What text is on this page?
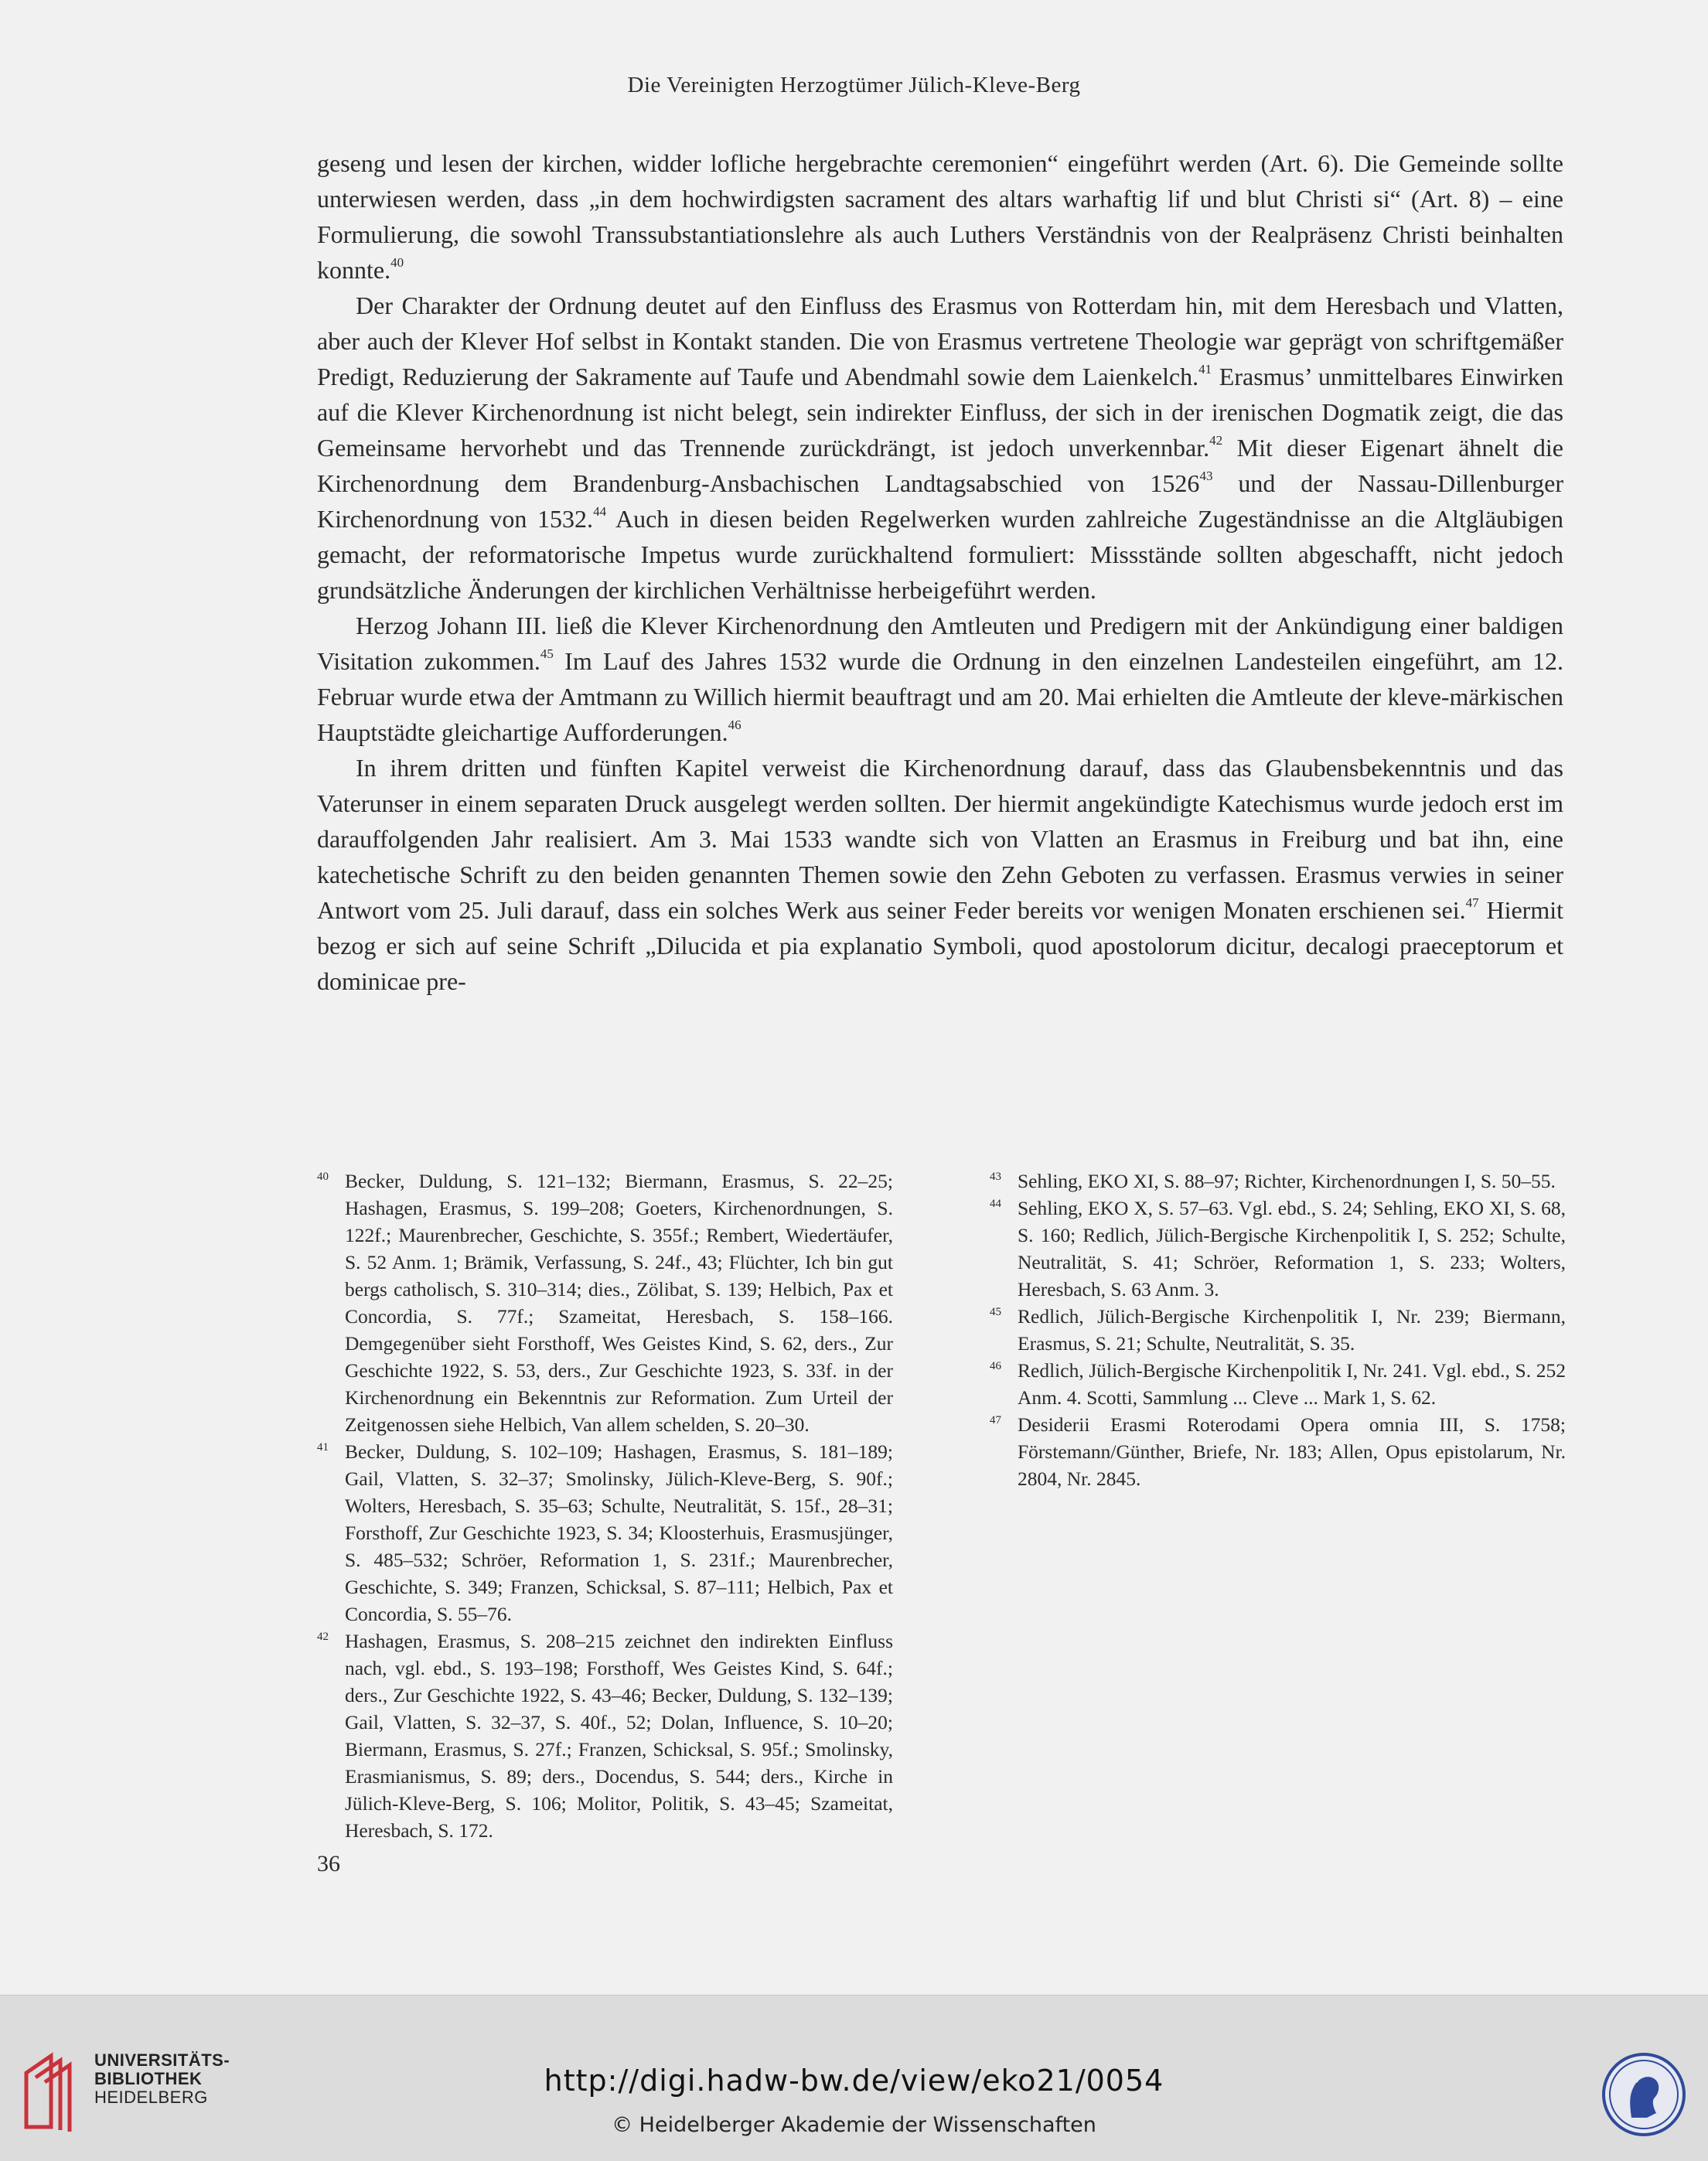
Die Vereinigten Herzogtümer Jülich-Kleve-Berg

geseng und lesen der kirchen, widder lofliche hergebrachte ceremonien“ eingeführt werden (Art. 6). Die Gemeinde sollte unterwiesen werden, dass „in dem hochwirdigsten sacrament des altars warhaftig lif und blut Christi si“ (Art. 8) – eine Formulierung, die sowohl Transsubstantiationslehre als auch Luthers Verständnis von der Realpräsenz Christi beinhalten konnte.$^{40}$

Der Charakter der Ordnung deutet auf den Einfluss des Erasmus von Rotterdam hin, mit dem Heresbach und Vlatten, aber auch der Klever Hof selbst in Kontakt standen. Die von Erasmus vertretene Theologie war geprägt von schriftgemäßer Predigt, Reduzierung der Sakramente auf Taufe und Abendmahl sowie dem Laienkelch.$^{41}$ Erasmus’ unmittelbares Einwirken auf die Klever Kirchenordnung ist nicht belegt, sein indirekter Einfluss, der sich in der irenischen Dogmatik zeigt, die das Gemeinsame hervorhebt und das Trennende zurückdrängt, ist jedoch unverkennbar.$^{42}$ Mit dieser Eigenart ähnelt die Kirchenordnung dem Brandenburg-Ansbachischen Landtagsabschied von 1526$^{43}$ und der Nassau-Dillenburger Kirchenordnung von 1532.44 Auch in diesen beiden Regelwerken wurden zahlreiche Zugeständnisse an die Altgläubigen gemacht, der reformatorische Impetus wurde zurückhaltend formuliert: Missstände sollten abgeschafft, nicht jedoch grundsätzliche Änderungen der kirchlichen Verhältnisse herbeigeführt werden.

Herzog Johann III. ließ die Klever Kirchenordnung den Amtleuten und Predigern mit der Ankündigung einer baldigen Visitation zukommen.$^{45}$ Im Lauf des Jahres 1532 wurde die Ordnung in den einzelnen Landesteilen eingeführt, am 12. Februar wurde etwa der Amtmann zu Willich hiermit beauftragt und am 20. Mai erhielten die Amtleute der kleve-märkischen Hauptstädte gleichartige Aufforderungen.$^{46}$

In ihrem dritten und fünften Kapitel verweist die Kirchenordnung darauf, dass das Glaubensbekenntnis und das Vaterunser in einem separaten Druck ausgelegt werden sollten. Der hiermit angekündigte Katechismus wurde jedoch erst im darauffolgenden Jahr realisiert. Am 3. Mai 1533 wandte sich von Vlatten an Erasmus in Freiburg und bat ihn, eine katechetische Schrift zu den beiden genannten Themen sowie den Zehn Geboten zu verfassen. Erasmus verwies in seiner Antwort vom 25. Juli darauf, dass ein solches Werk aus seiner Feder bereits vor wenigen Monaten erschienen sei.$^{47}$ Hiermit bezog er sich auf seine Schrift „Dilucida et pia explanatio Symboli, quod apostolorum dicitur, decalogi praeceptorum et dominicae pre-

40 Becker, Duldung, S. 121–132; Biermann, Erasmus, S. 22–25; Hashagen, Erasmus, S. 199–208; Goeters, Kirchenordnungen, S. 122f.; Maurenbrecher, Geschichte, S. 355f.; Rembert, Wiedertäufer, S. 52 Anm. 1; Brämik, Verfassung, S. 24f., 43; Flüchter, Ich bin gut bergs catholisch, S. 310–314; dies., Zölibat, S. 139; Helbich, Pax et Concordia, S. 77f.; Szameitat, Heresbach, S. 158–166. Demgegenüber sieht Forsthoff, Wes Geistes Kind, S. 62, ders., Zur Geschichte 1922, S. 53, ders., Zur Geschichte 1923, S. 33f. in der Kirchenordnung ein Bekenntnis zur Reformation. Zum Urteil der Zeitgenossen siehe Helbich, Van allem schelden, S. 20–30.

41 Becker, Duldung, S. 102–109; Hashagen, Erasmus, S. 181–189; Gail, Vlatten, S. 32–37; Smolinsky, Jülich-Kleve-Berg, S. 90f.; Wolters, Heresbach, S. 35–63; Schulte, Neutralität, S. 15f., 28–31; Forsthoff, Zur Geschichte 1923, S. 34; Kloosterhuis, Erasmusjünger, S. 485–532; Schröer, Reformation 1, S. 231f.; Maurenbrecher, Geschichte, S. 349; Franzen, Schicksal, S. 87–111; Helbich, Pax et Concordia, S. 55–76.

42 Hashagen, Erasmus, S. 208–215 zeichnet den indirekten Einfluss nach, vgl. ebd., S. 193–198; Forsthoff, Wes Geistes Kind, S. 64f.; ders., Zur Geschichte 1922, S. 43–46; Becker, Duldung, S. 132–139; Gail, Vlatten, S. 32–37, S. 40f., 52; Dolan, Influence, S. 10–20; Biermann, Erasmus, S. 27f.; Franzen, Schicksal, S. 95f.; Smolinsky, Erasmianismus, S. 89; ders., Docendus, S. 544; ders., Kirche in Jülich-Kleve-Berg, S. 106; Molitor, Politik, S. 43–45; Szameitat, Heresbach, S. 172.

43 Sehling, EKO XI, S. 88–97; Richter, Kirchenordnungen I, S. 50–55.

44 Sehling, EKO X, S. 57–63. Vgl. ebd., S. 24; Sehling, EKO XI, S. 68, S. 160; Redlich, Jülich-Bergische Kirchenpolitik I, S. 252; Schulte, Neutralität, S. 41; Schröer, Reformation 1, S. 233; Wolters, Heresbach, S. 63 Anm. 3.

45 Redlich, Jülich-Bergische Kirchenpolitik I, Nr. 239; Biermann, Erasmus, S. 21; Schulte, Neutralität, S. 35.

46 Redlich, Jülich-Bergische Kirchenpolitik I, Nr. 241. Vgl. ebd., S. 252 Anm. 4. Scotti, Sammlung ... Cleve ... Mark 1, S. 62.

47 Desiderii Erasmi Roterodami Opera omnia III, S. 1758; Förstemann/Günther, Briefe, Nr. 183; Allen, Opus epistolarum, Nr. 2804, Nr. 2845.

36
UNIVERSITÄTS-
BIBLIOTHEK
HEIDELBERG	http://digi.hadw-bw.de/view/eko21/0054
© Heidelberger Akademie der Wissenschaften
